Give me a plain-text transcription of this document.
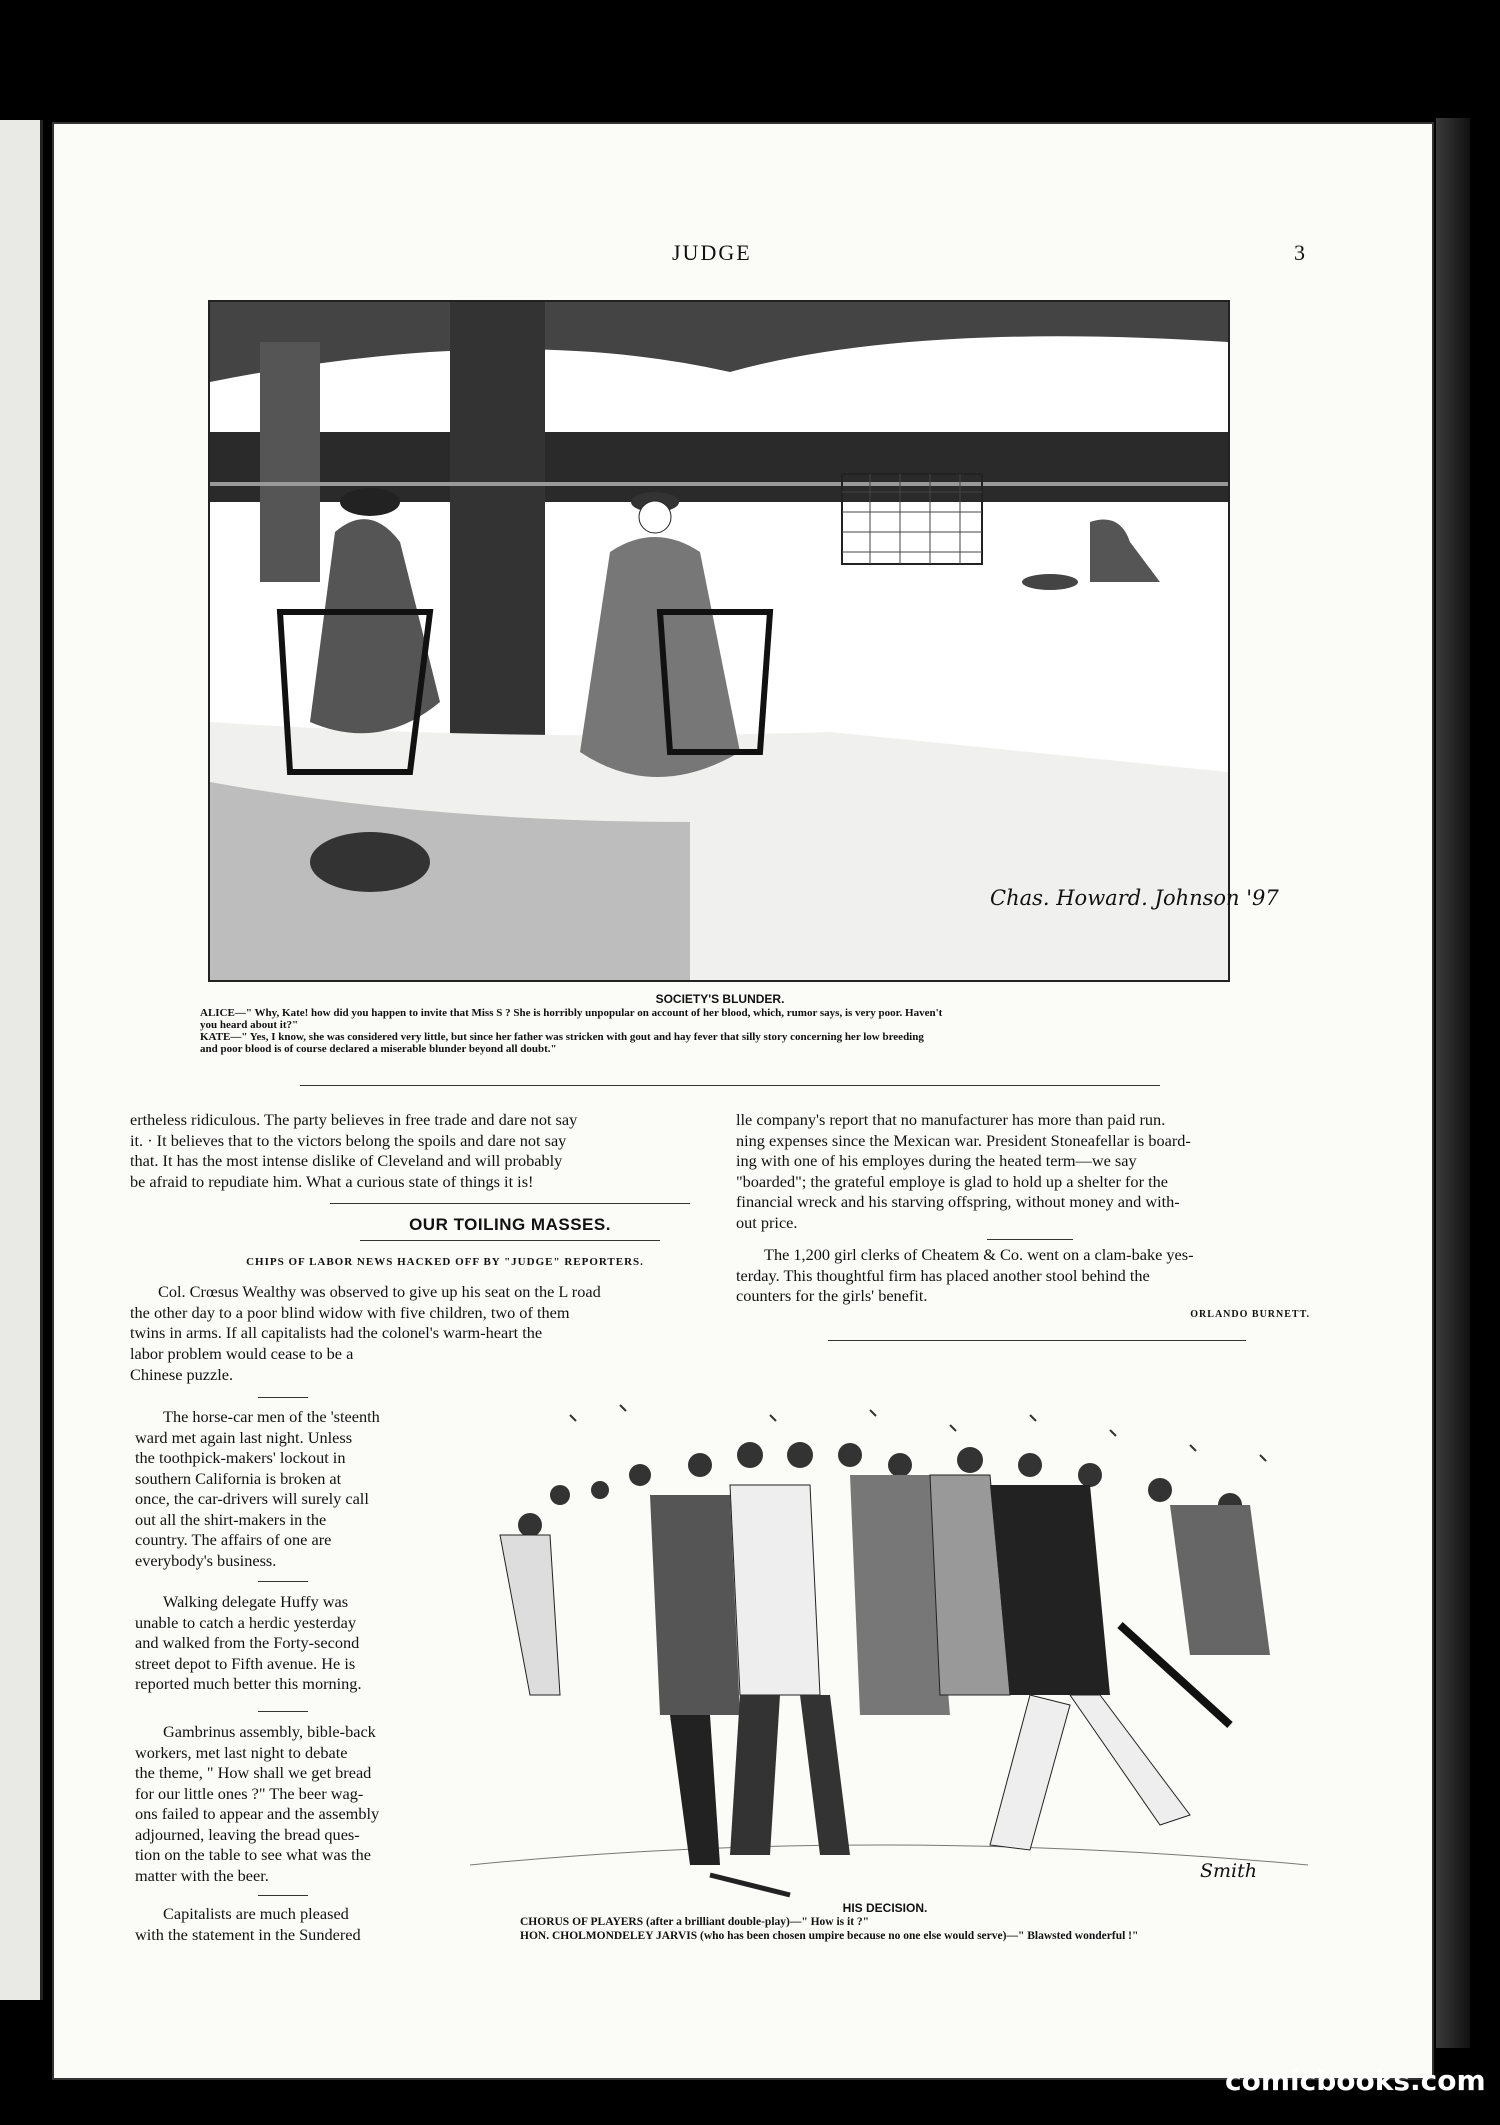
JUDGE	3
Chas. Howard. Johnson '97
SOCIETY'S BLUNDER.
ALICE—" Why, Kate! how did you happen to invite that Miss S ? She is horribly unpopular on account of her blood, which, rumor says, is very poor. Haven't
you heard about it?"
KATE—" Yes, I know, she was considered very little, but since her father was stricken with gout and hay fever that silly story concerning her low breeding
and poor blood is of course declared a miserable blunder beyond all doubt."

ertheless ridiculous. The party believes in free trade and dare not say

it. · It believes that to the victors belong the spoils and dare not say

that. It has the most intense dislike of Cleveland and will probably

be afraid to repudiate him. What a curious state of things it is!

OUR TOILING MASSES.
CHIPS OF LABOR NEWS HACKED OFF BY "JUDGE" REPORTERS.

Col. Crœsus Wealthy was observed to give up his seat on the L road

the other day to a poor blind widow with five children, two of them

twins in arms. If all capitalists had the colonel's warm-heart the

labor problem would cease to be a

Chinese puzzle.

The horse-car men of the 'steenth

ward met again last night. Unless

the toothpick-makers' lockout in

southern California is broken at

once, the car-drivers will surely call

out all the shirt-makers in the

country. The affairs of one are

everybody's business.

Walking delegate Huffy was

unable to catch a herdic yesterday

and walked from the Forty-second

street depot to Fifth avenue. He is

reported much better this morning.

Gambrinus assembly, bible-back

workers, met last night to debate

the theme, " How shall we get bread

for our little ones ?" The beer wag-

ons failed to appear and the assembly

adjourned, leaving the bread ques-

tion on the table to see what was the

matter with the beer.

Capitalists are much pleased

with the statement in the Sundered

lle company's report that no manufacturer has more than paid run.

ning expenses since the Mexican war. President Stoneafellar is board-

ing with one of his employes during the heated term—we say

"boarded"; the grateful employe is glad to hold up a shelter for the

financial wreck and his starving offspring, without money and with-

out price.

The 1,200 girl clerks of Cheatem & Co. went on a clam-bake yes-

terday. This thoughtful firm has placed another stool behind the

counters for the girls' benefit.

ORLANDO BURNETT.
Smith
HIS DECISION.
CHORUS OF PLAYERS (after a brilliant double-play)—" How is it ?"
HON. CHOLMONDELEY JARVIS (who has been chosen umpire because no one else would serve)—" Blawsted wonderful !"
comicbooks.com
